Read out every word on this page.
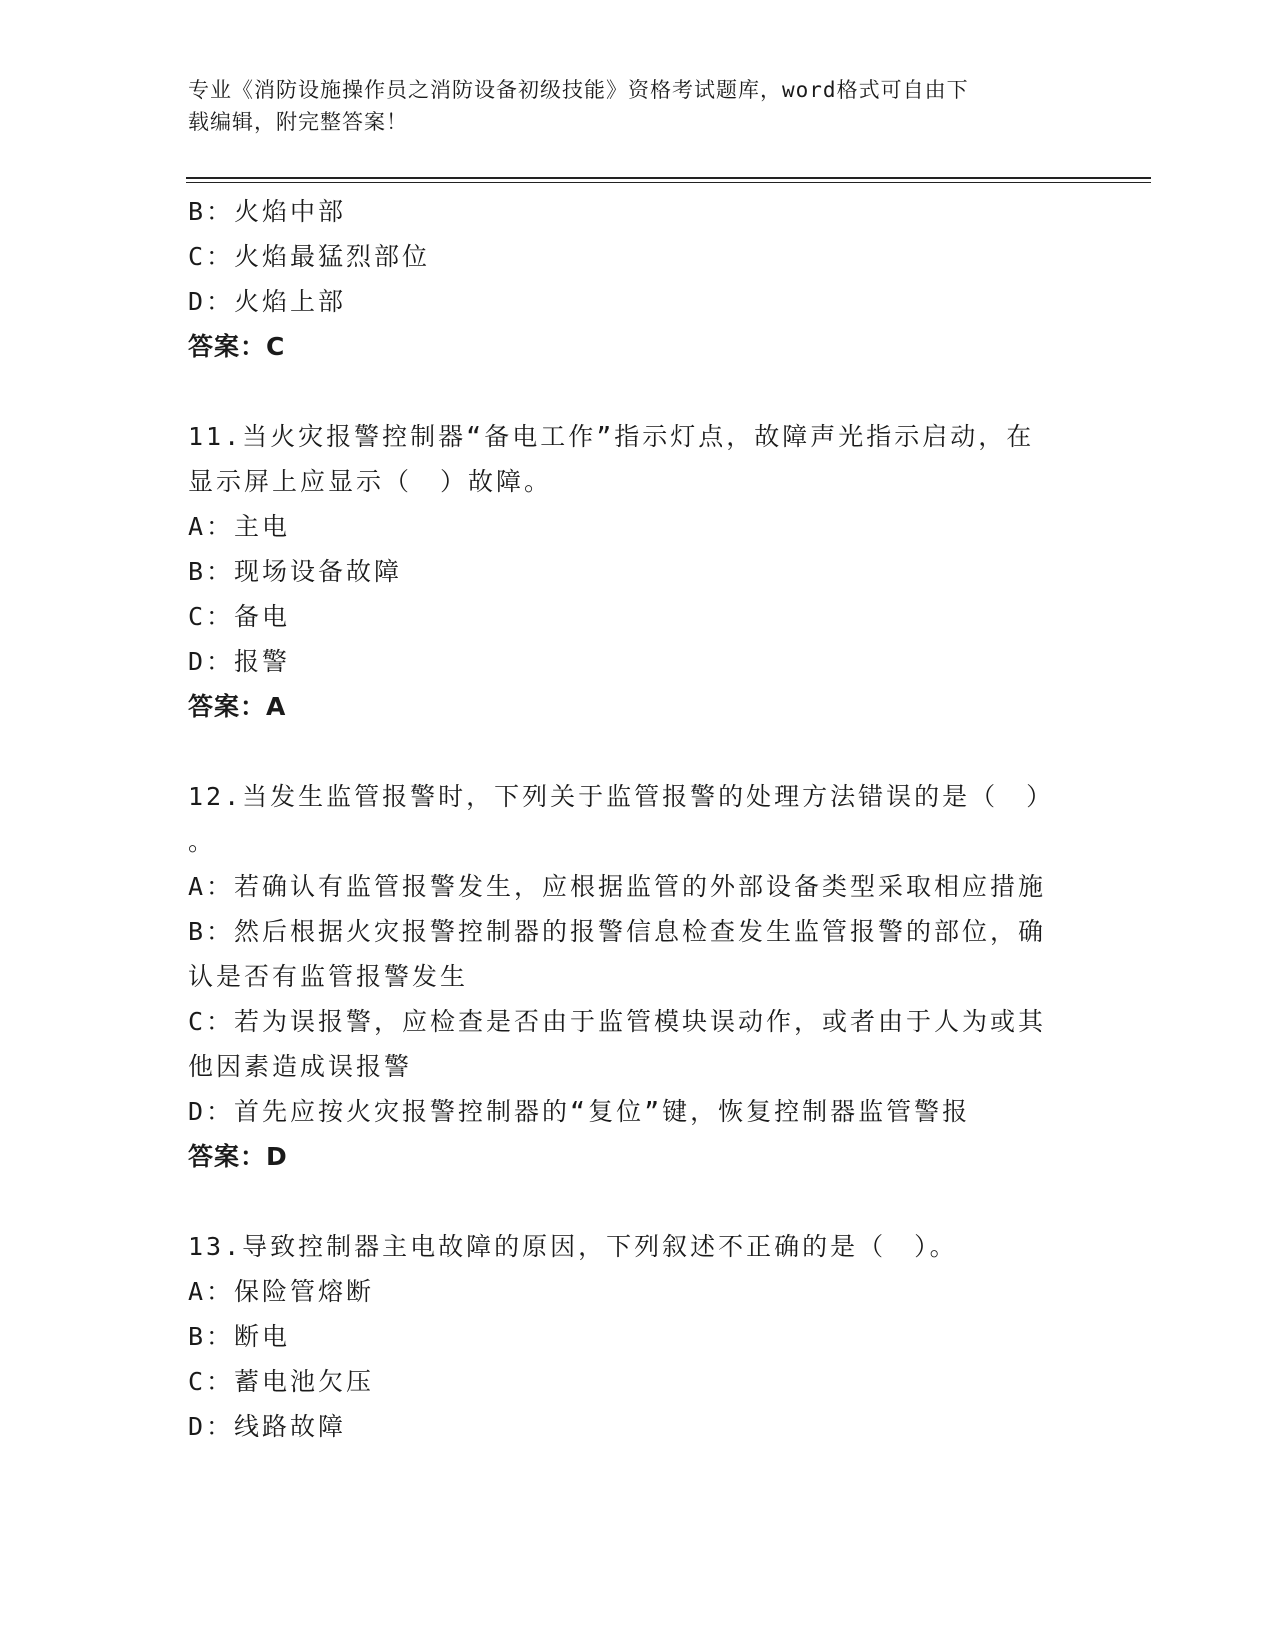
专业《消防设施操作员之消防设备初级技能》资格考试题库，word格式可自由下
载编辑，附完整答案！
B：火焰中部
C：火焰最猛烈部位
D：火焰上部
答案：C
11.当火灾报警控制器“备电工作”指示灯点，故障声光指示启动，在
显示屏上应显示（　）故障。
A：主电
B：现场设备故障
C：备电
D：报警
答案：A
12.当发生监管报警时，下列关于监管报警的处理方法错误的是（　）
。
A：若确认有监管报警发生，应根据监管的外部设备类型采取相应措施
B：然后根据火灾报警控制器的报警信息检查发生监管报警的部位，确
认是否有监管报警发生
C：若为误报警，应检查是否由于监管模块误动作，或者由于人为或其
他因素造成误报警
D：首先应按火灾报警控制器的“复位”键，恢复控制器监管警报
答案：D
13.导致控制器主电故障的原因，下列叙述不正确的是（　）。
A：保险管熔断
B：断电
C：蓄电池欠压
D：线路故障
